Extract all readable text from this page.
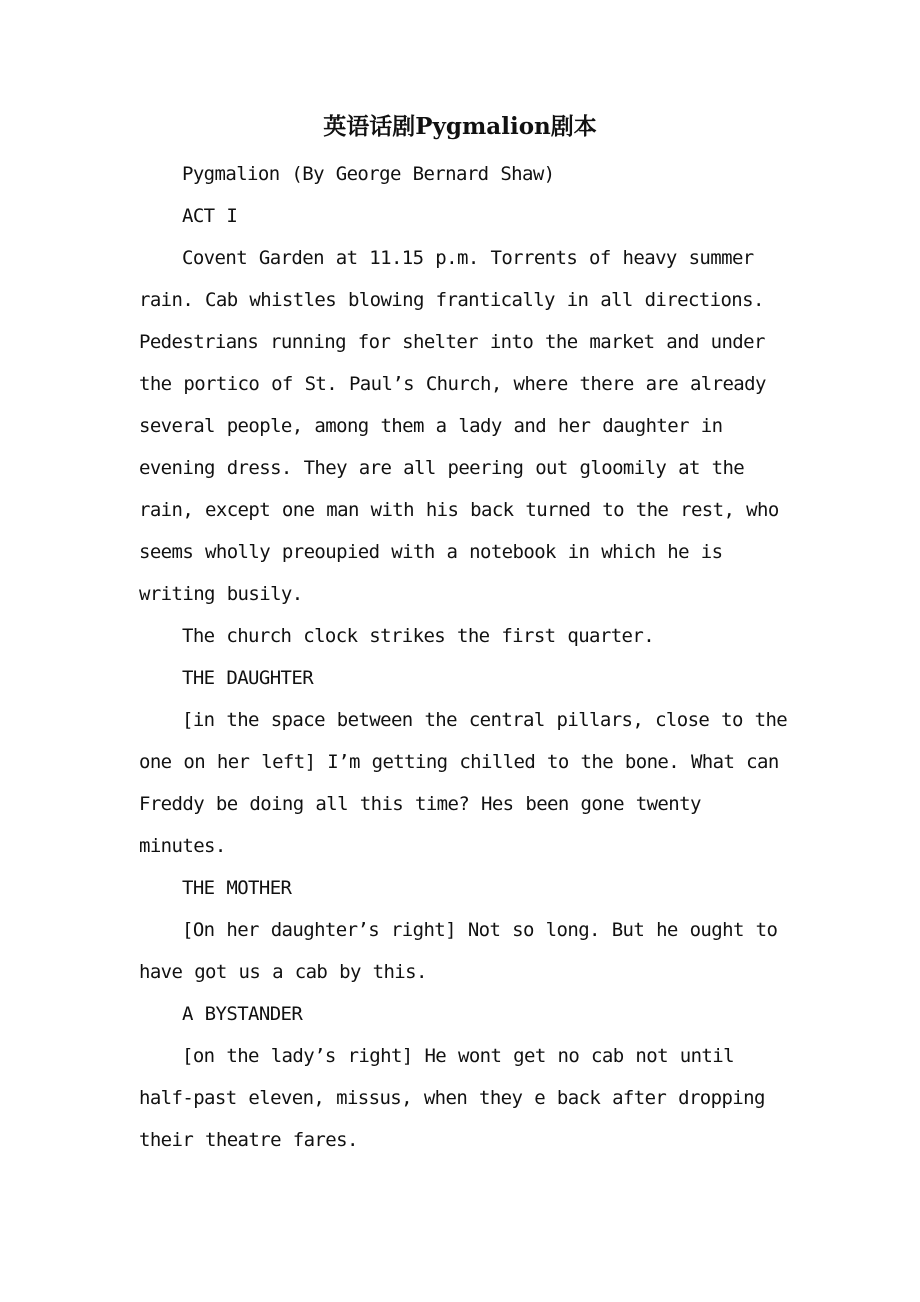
英语话剧Pygmalion剧本

Pygmalion (By George Bernard Shaw)

ACT I

Covent Garden at 11.15 p.m. Torrents of heavy summer rain. Cab whistles blowing frantically in all directions. Pedestrians running for shelter into the market and under the portico of St. Paul’s Church, where there are already several people, among them a lady and her daughter in evening dress. They are all peering out gloomily at the rain, except one man with his back turned to the rest, who seems wholly preoupied with a notebook in which he is writing busily.

The church clock strikes the first quarter.

THE DAUGHTER

[in the space between the central pillars, close to the one on her left] I’m getting chilled to the bone. What can Freddy be doing all this time? Hes been gone twenty minutes.

THE MOTHER

[On her daughter’s right] Not so long. But he ought to have got us a cab by this.

A BYSTANDER

[on the lady’s right] He wont get no cab not until half-past eleven, missus, when they e back after dropping their theatre fares.
